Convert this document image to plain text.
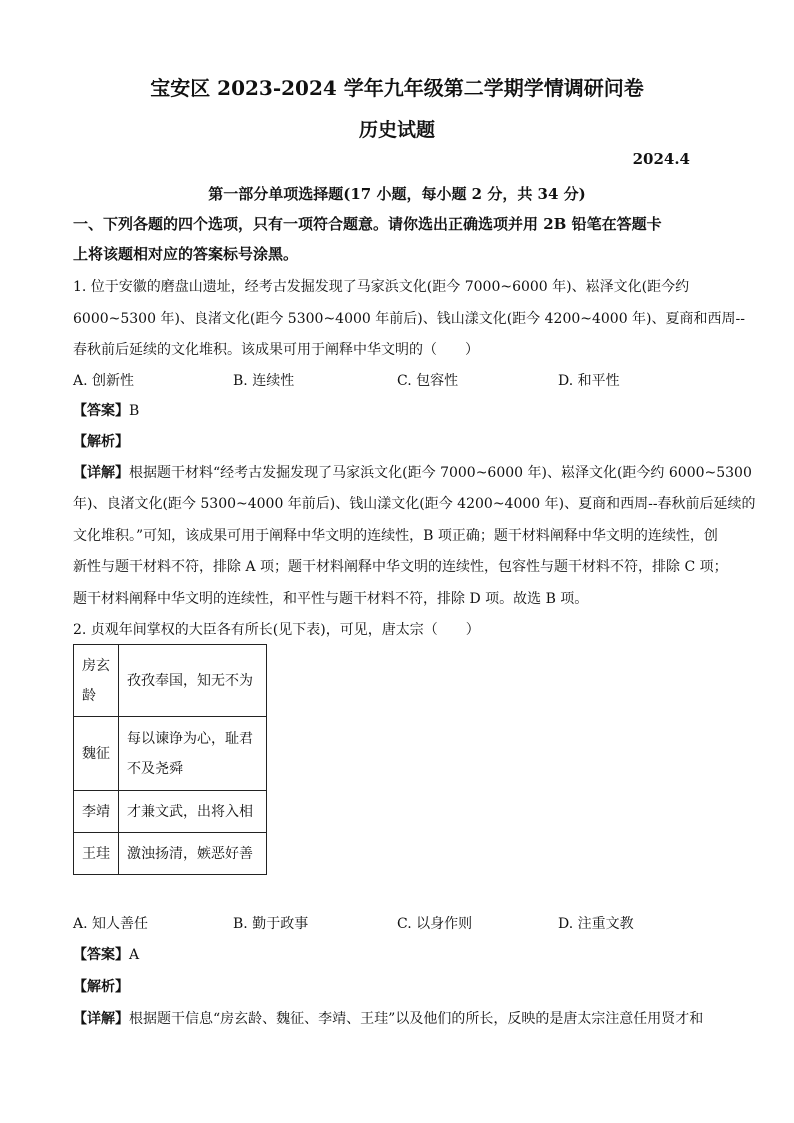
宝安区 2023-2024 学年九年级第二学期学情调研问卷
历史试题
2024.4
第一部分单项选择题(17 小题，每小题 2 分，共 34 分)
一、下列各题的四个选项，只有一项符合题意。请你选出正确选项并用 2B 铅笔在答题卡
上将该题相对应的答案标号涂黑。
1. 位于安徽的磨盘山遗址，经考古发掘发现了马家浜文化(距今 7000~6000 年)、崧泽文化(距今约
6000~5300 年)、良渚文化(距今 5300~4000 年前后)、钱山漾文化(距今 4200~4000 年)、夏商和西周--
春秋前后延续的文化堆积。该成果可用于阐释中华文明的（　　）
A. 创新性	B. 连续性	C. 包容性	D. 和平性
【答案】B
【解析】
【详解】根据题干材料“经考古发掘发现了马家浜文化(距今 7000~6000 年)、崧泽文化(距今约 6000~5300
年)、良渚文化(距今 5300~4000 年前后)、钱山漾文化(距今 4200~4000 年)、夏商和西周--春秋前后延续的
文化堆积。”可知，该成果可用于阐释中华文明的连续性，B 项正确；题干材料阐释中华文明的连续性，创
新性与题干材料不符，排除 A 项；题干材料阐释中华文明的连续性，包容性与题干材料不符，排除 C 项；
题干材料阐释中华文明的连续性，和平性与题干材料不符，排除 D 项。故选 B 项。
2. 贞观年间掌权的大臣各有所长(见下表)，可见，唐太宗（　　）
房玄
龄	孜孜奉国，知无不为

魏征	每以谏诤为心，耻君
不及尧舜

李靖	才兼文武，出将入相

王珪	激浊扬清，嫉恶好善
A. 知人善任	B. 勤于政事	C. 以身作则	D. 注重文教
【答案】A
【解析】
【详解】根据题干信息“房玄龄、魏征、李靖、王珪”以及他们的所长，反映的是唐太宗注意任用贤才和
